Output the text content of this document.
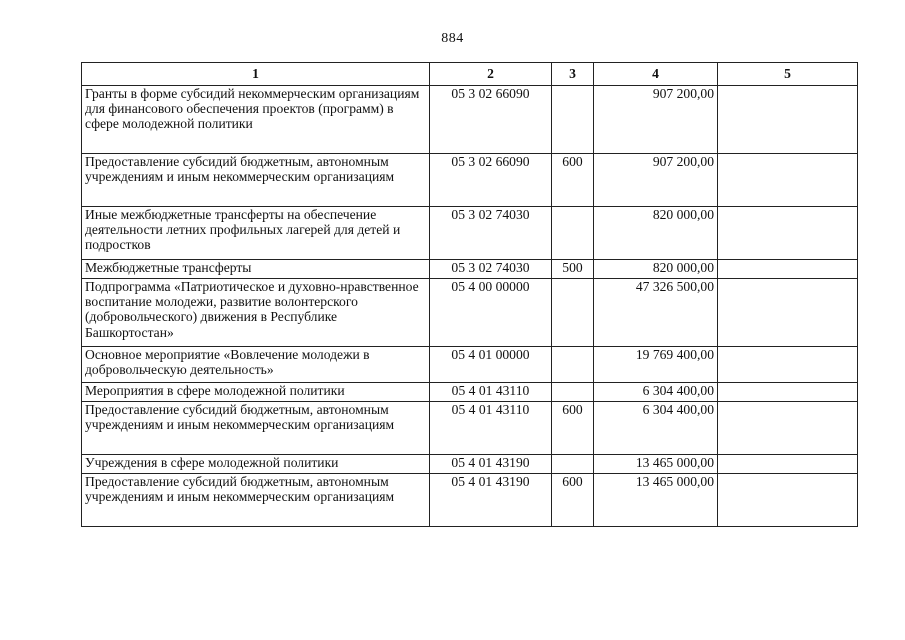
884
1	2	3	4	5
Гранты в форме субсидий некоммерческим организациям для финансового обеспечения проектов (программ) в сфере молодежной политики	05 3 02 66090		907 200,00	
Предоставление субсидий бюджетным, автономным учреждениям и иным некоммерческим организациям	05 3 02 66090	600	907 200,00	
Иные межбюджетные трансферты на обеспечение деятельности летних профильных лагерей для детей и подростков	05 3 02 74030		820 000,00	
Межбюджетные трансферты	05 3 02 74030	500	820 000,00	
Подпрограмма «Патриотическое и духовно-нравственное воспитание молодежи, развитие волонтерского (добровольческого) движения в Республике Башкортостан»	05 4 00 00000		47 326 500,00	
Основное мероприятие «Вовлечение молодежи в добровольческую деятельность»	05 4 01 00000		19 769 400,00	
Мероприятия в сфере молодежной политики	05 4 01 43110		6 304 400,00	
Предоставление субсидий бюджетным, автономным учреждениям и иным некоммерческим организациям	05 4 01 43110	600	6 304 400,00	
Учреждения в сфере молодежной политики	05 4 01 43190		13 465 000,00	
Предоставление субсидий бюджетным, автономным учреждениям и иным некоммерческим организациям	05 4 01 43190	600	13 465 000,00	
